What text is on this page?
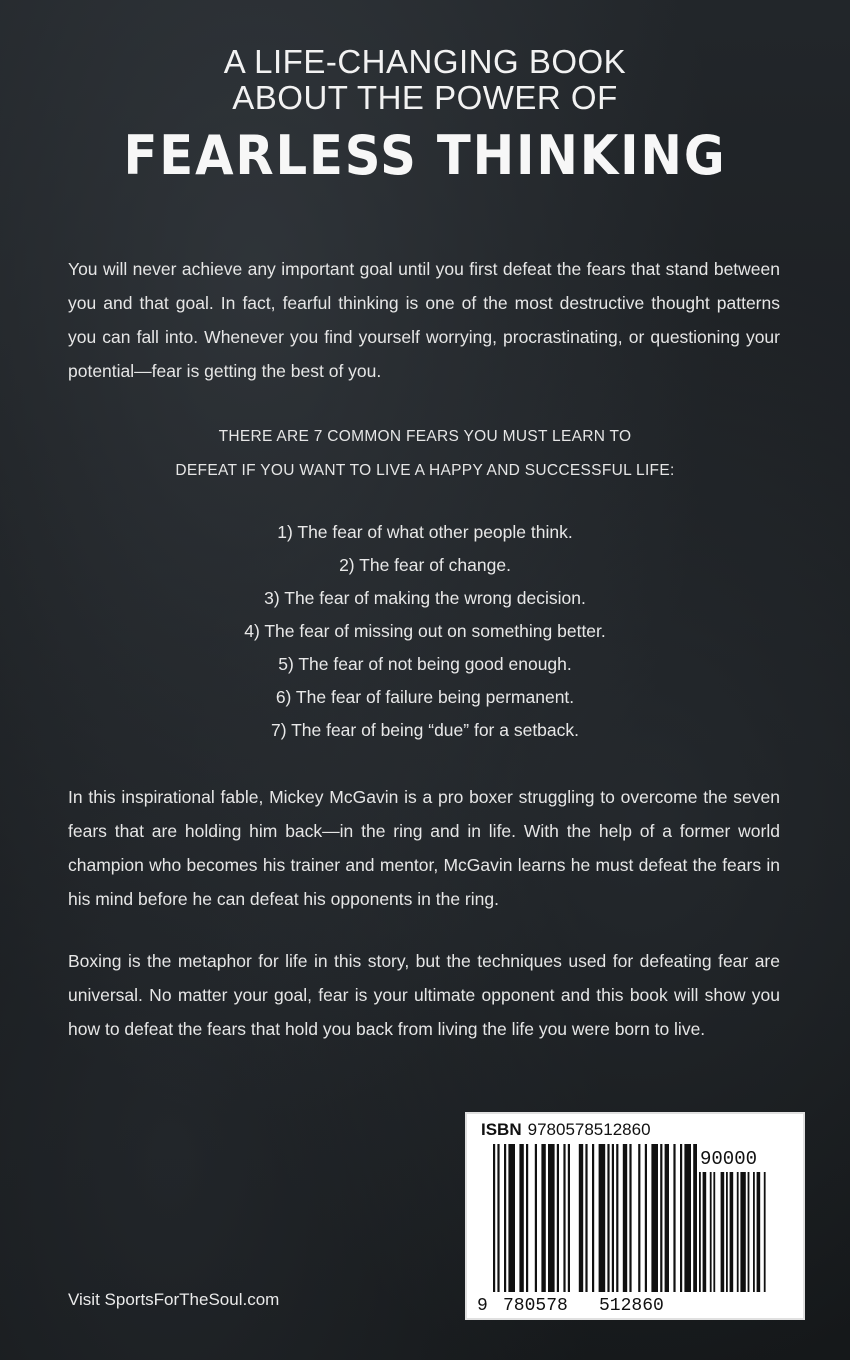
A LIFE-CHANGING BOOK
ABOUT THE POWER OF
FEARLESS THINKING
You will never achieve any important goal until you first defeat the fears that stand between you and that goal. In fact, fearful thinking is one of the most destructive thought patterns you can fall into. Whenever you find yourself worrying, procrastinating, or questioning your potential—fear is getting the best of you.
THERE ARE 7 COMMON FEARS YOU MUST LEARN TO
DEFEAT IF YOU WANT TO LIVE A HAPPY AND SUCCESSFUL LIFE:
1) The fear of what other people think.
2) The fear of change.
3) The fear of making the wrong decision.
4) The fear of missing out on something better.
5) The fear of not being good enough.
6) The fear of failure being permanent.
7) The fear of being “due” for a setback.
In this inspirational fable, Mickey McGavin is a pro boxer struggling to overcome the seven fears that are holding him back—in the ring and in life. With the help of a former world champion who becomes his trainer and mentor, McGavin learns he must defeat the fears in his mind before he can defeat his opponents in the ring.
Boxing is the metaphor for life in this story, but the techniques used for defeating fear are universal. No matter your goal, fear is your ultimate opponent and this book will show you how to defeat the fears that hold you back from living the life you were born to live.
Visit SportsForTheSoul.com
ISBN 9780578512860
90000
9 780578 512860
